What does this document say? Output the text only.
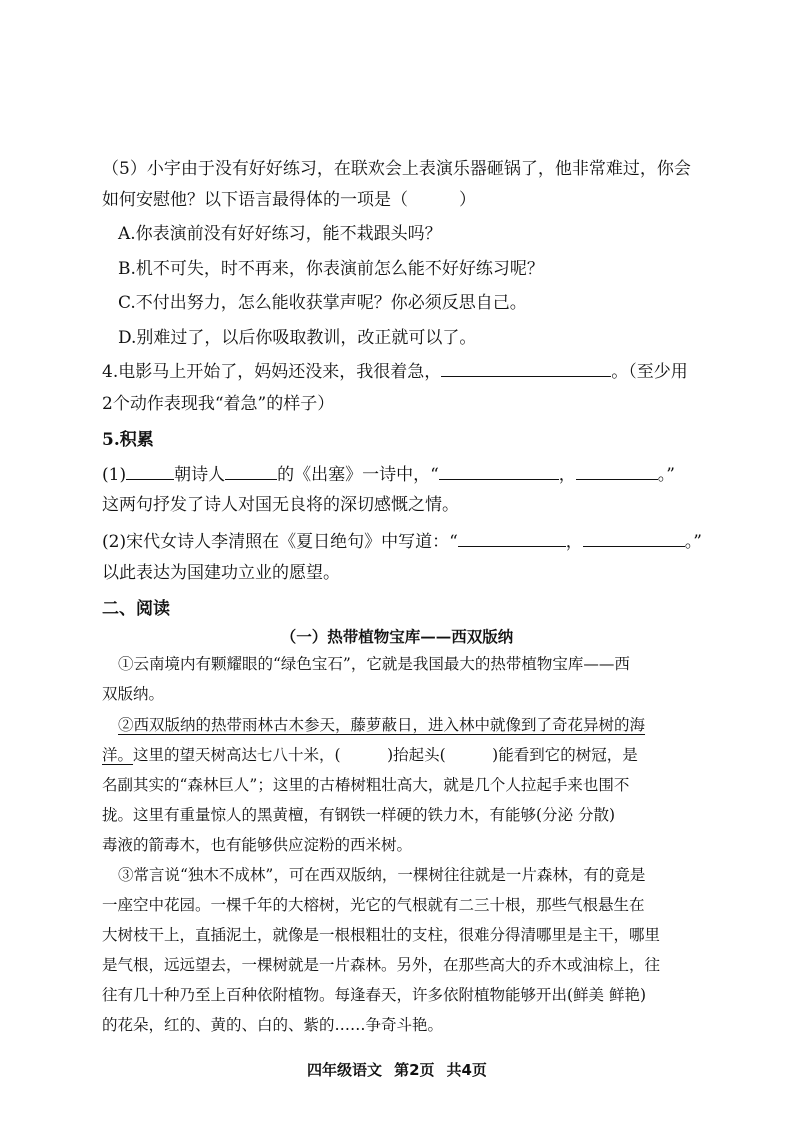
（5）小宇由于没有好好练习，在联欢会上表演乐器砸锅了，他非常难过，你会
如何安慰他？以下语言最得体的一项是（　　　）
A.你表演前没有好好练习，能不栽跟头吗？
B.机不可失，时不再来，你表演前怎么能不好好练习呢？
C.不付出努力，怎么能收获掌声呢？你必须反思自己。
D.别难过了，以后你吸取教训，改正就可以了。
4.电影马上开始了，妈妈还没来，我很着急，	。（至少用
2个动作表现我“着急”的样子）
5.积累
(1)	朝诗人	的《出塞》一诗中，“	，	。”
这两句抒发了诗人对国无良将的深切感慨之情。
(2)宋代女诗人李清照在《夏日绝句》中写道：“	，	。”
以此表达为国建功立业的愿望。
二、阅读
（一）热带植物宝库——西双版纳
①云南境内有颗耀眼的“绿色宝石”，它就是我国最大的热带植物宝库——西
双版纳。
②西双版纳的热带雨林古木参天，藤萝蔽日，进入林中就像到了奇花异树的海
洋。这里的望天树高达七八十米，(　　　)抬起头(　　　)能看到它的树冠，是
名副其实的“森林巨人”；这里的古椿树粗壮高大，就是几个人拉起手来也围不
拢。这里有重量惊人的黑黄檀，有钢铁一样硬的铁力木，有能够(分泌 分散)
毒液的箭毒木，也有能够供应淀粉的西米树。
③常言说“独木不成林”，可在西双版纳，一棵树往往就是一片森林，有的竟是
一座空中花园。一棵千年的大榕树，光它的气根就有二三十根，那些气根悬生在
大树枝干上，直插泥土，就像是一根根粗壮的支柱，很难分得清哪里是主干，哪里
是气根，远远望去，一棵树就是一片森林。另外，在那些高大的乔木或油棕上，往
往有几十种乃至上百种依附植物。每逢春天，许多依附植物能够开出(鲜美 鲜艳)
的花朵，红的、黄的、白的、紫的……争奇斗艳。
四年级语文 第2页 共4页
